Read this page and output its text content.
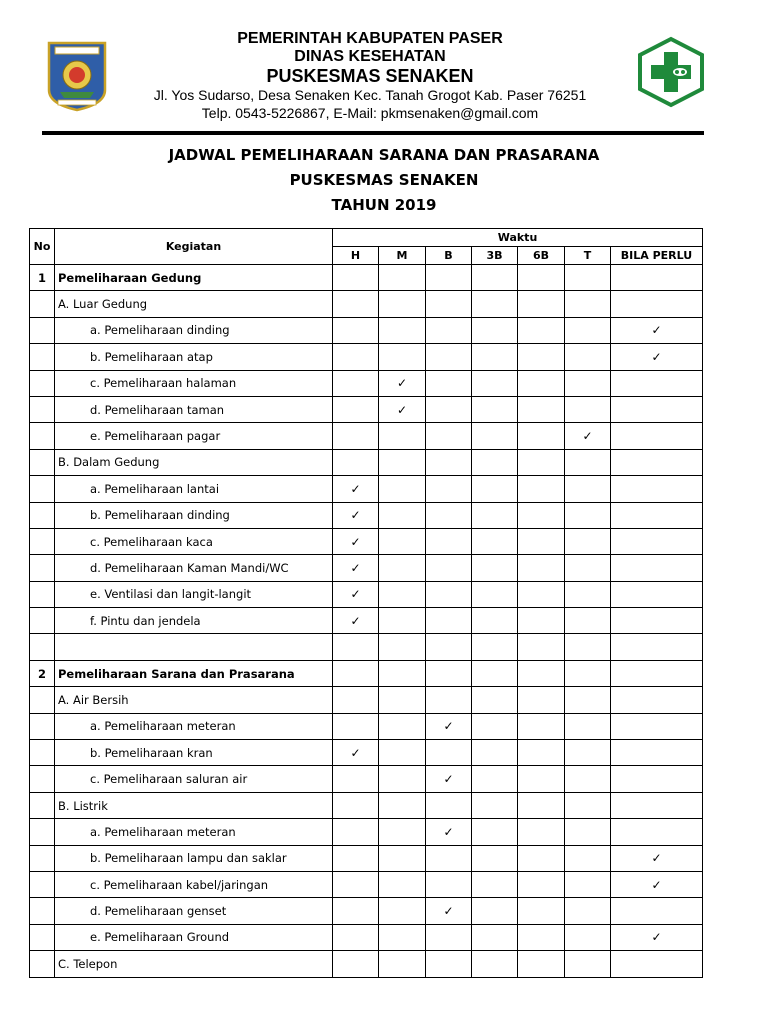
PEMERINTAH KABUPATEN PASER
DINAS KESEHATAN
PUSKESMAS SENAKEN
Jl. Yos Sudarso, Desa Senaken Kec. Tanah Grogot Kab. Paser 76251
Telp. 0543-5226867, E-Mail: pkmsenaken@gmail.com
JADWAL PEMELIHARAAN SARANA DAN PRASARANA
PUSKESMAS SENAKEN
TAHUN 2019
No	Kegiatan	Waktu						
		H	M	B	3B	6B	T	BILA PERLU
1	Pemeliharaan Gedung							
	A. Luar Gedung							
	a. Pemeliharaan dinding							✓
	b. Pemeliharaan atap							✓
	c. Pemeliharaan halaman		✓					
	d. Pemeliharaan taman		✓					
	e. Pemeliharaan pagar						✓	
	B. Dalam Gedung							
	a. Pemeliharaan lantai	✓						
	b. Pemeliharaan dinding	✓						
	c. Pemeliharaan kaca	✓						
	d. Pemeliharaan Kaman Mandi/WC	✓						
	e. Ventilasi dan langit-langit	✓						
	f. Pintu dan jendela	✓						

2	Pemeliharaan Sarana dan Prasarana							
	A. Air Bersih							
	a. Pemeliharaan meteran			✓				
	b. Pemeliharaan kran	✓						
	c. Pemeliharaan saluran air			✓				
	B. Listrik							
	a. Pemeliharaan meteran			✓				
	b. Pemeliharaan lampu dan saklar							✓
	c. Pemeliharaan kabel/jaringan							✓
	d. Pemeliharaan genset			✓				
	e. Pemeliharaan Ground							✓
	C. Telepon							
